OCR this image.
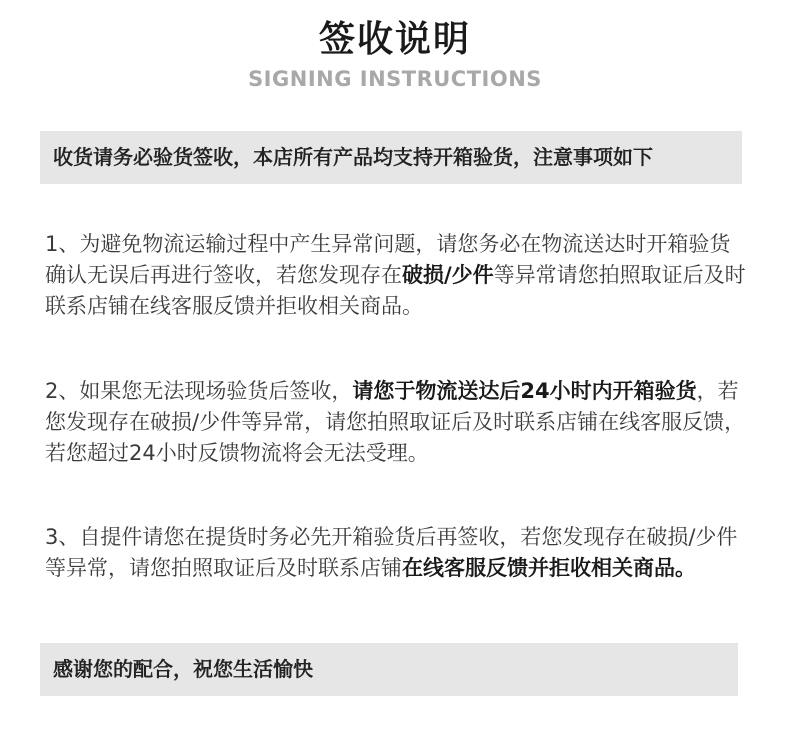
签收说明
SIGNING INSTRUCTIONS
收货请务必验货签收，本店所有产品均支持开箱验货，注意事项如下

1、为避免物流运输过程中产生异常问题，请您务必在物流送达时开箱验货确认无误后再进行签收，若您发现存在破损/少件等异常请您拍照取证后及时联系店铺在线客服反馈并拒收相关商品。

2、如果您无法现场验货后签收，请您于物流送达后24小时内开箱验货，若您发现存在破损/少件等异常，请您拍照取证后及时联系店铺在线客服反馈，若您超过24小时反馈物流将会无法受理。

3、自提件请您在提货时务必先开箱验货后再签收，若您发现存在破损/少件等异常，请您拍照取证后及时联系店铺在线客服反馈并拒收相关商品。

感谢您的配合，祝您生活愉快
